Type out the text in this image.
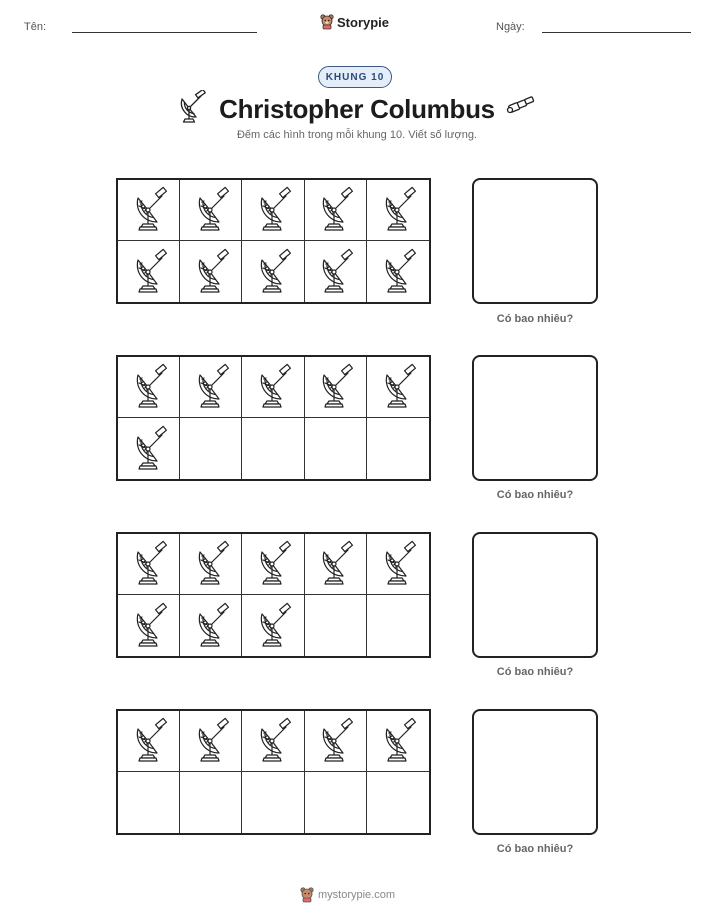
Tên:	Storypie	Ngày:
KHUNG 10
Christopher Columbus
Đếm các hình trong mỗi khung 10. Viết số lượng.
Có bao nhiêu?
Có bao nhiêu?
Có bao nhiêu?
Có bao nhiêu?
mystorypie.com
